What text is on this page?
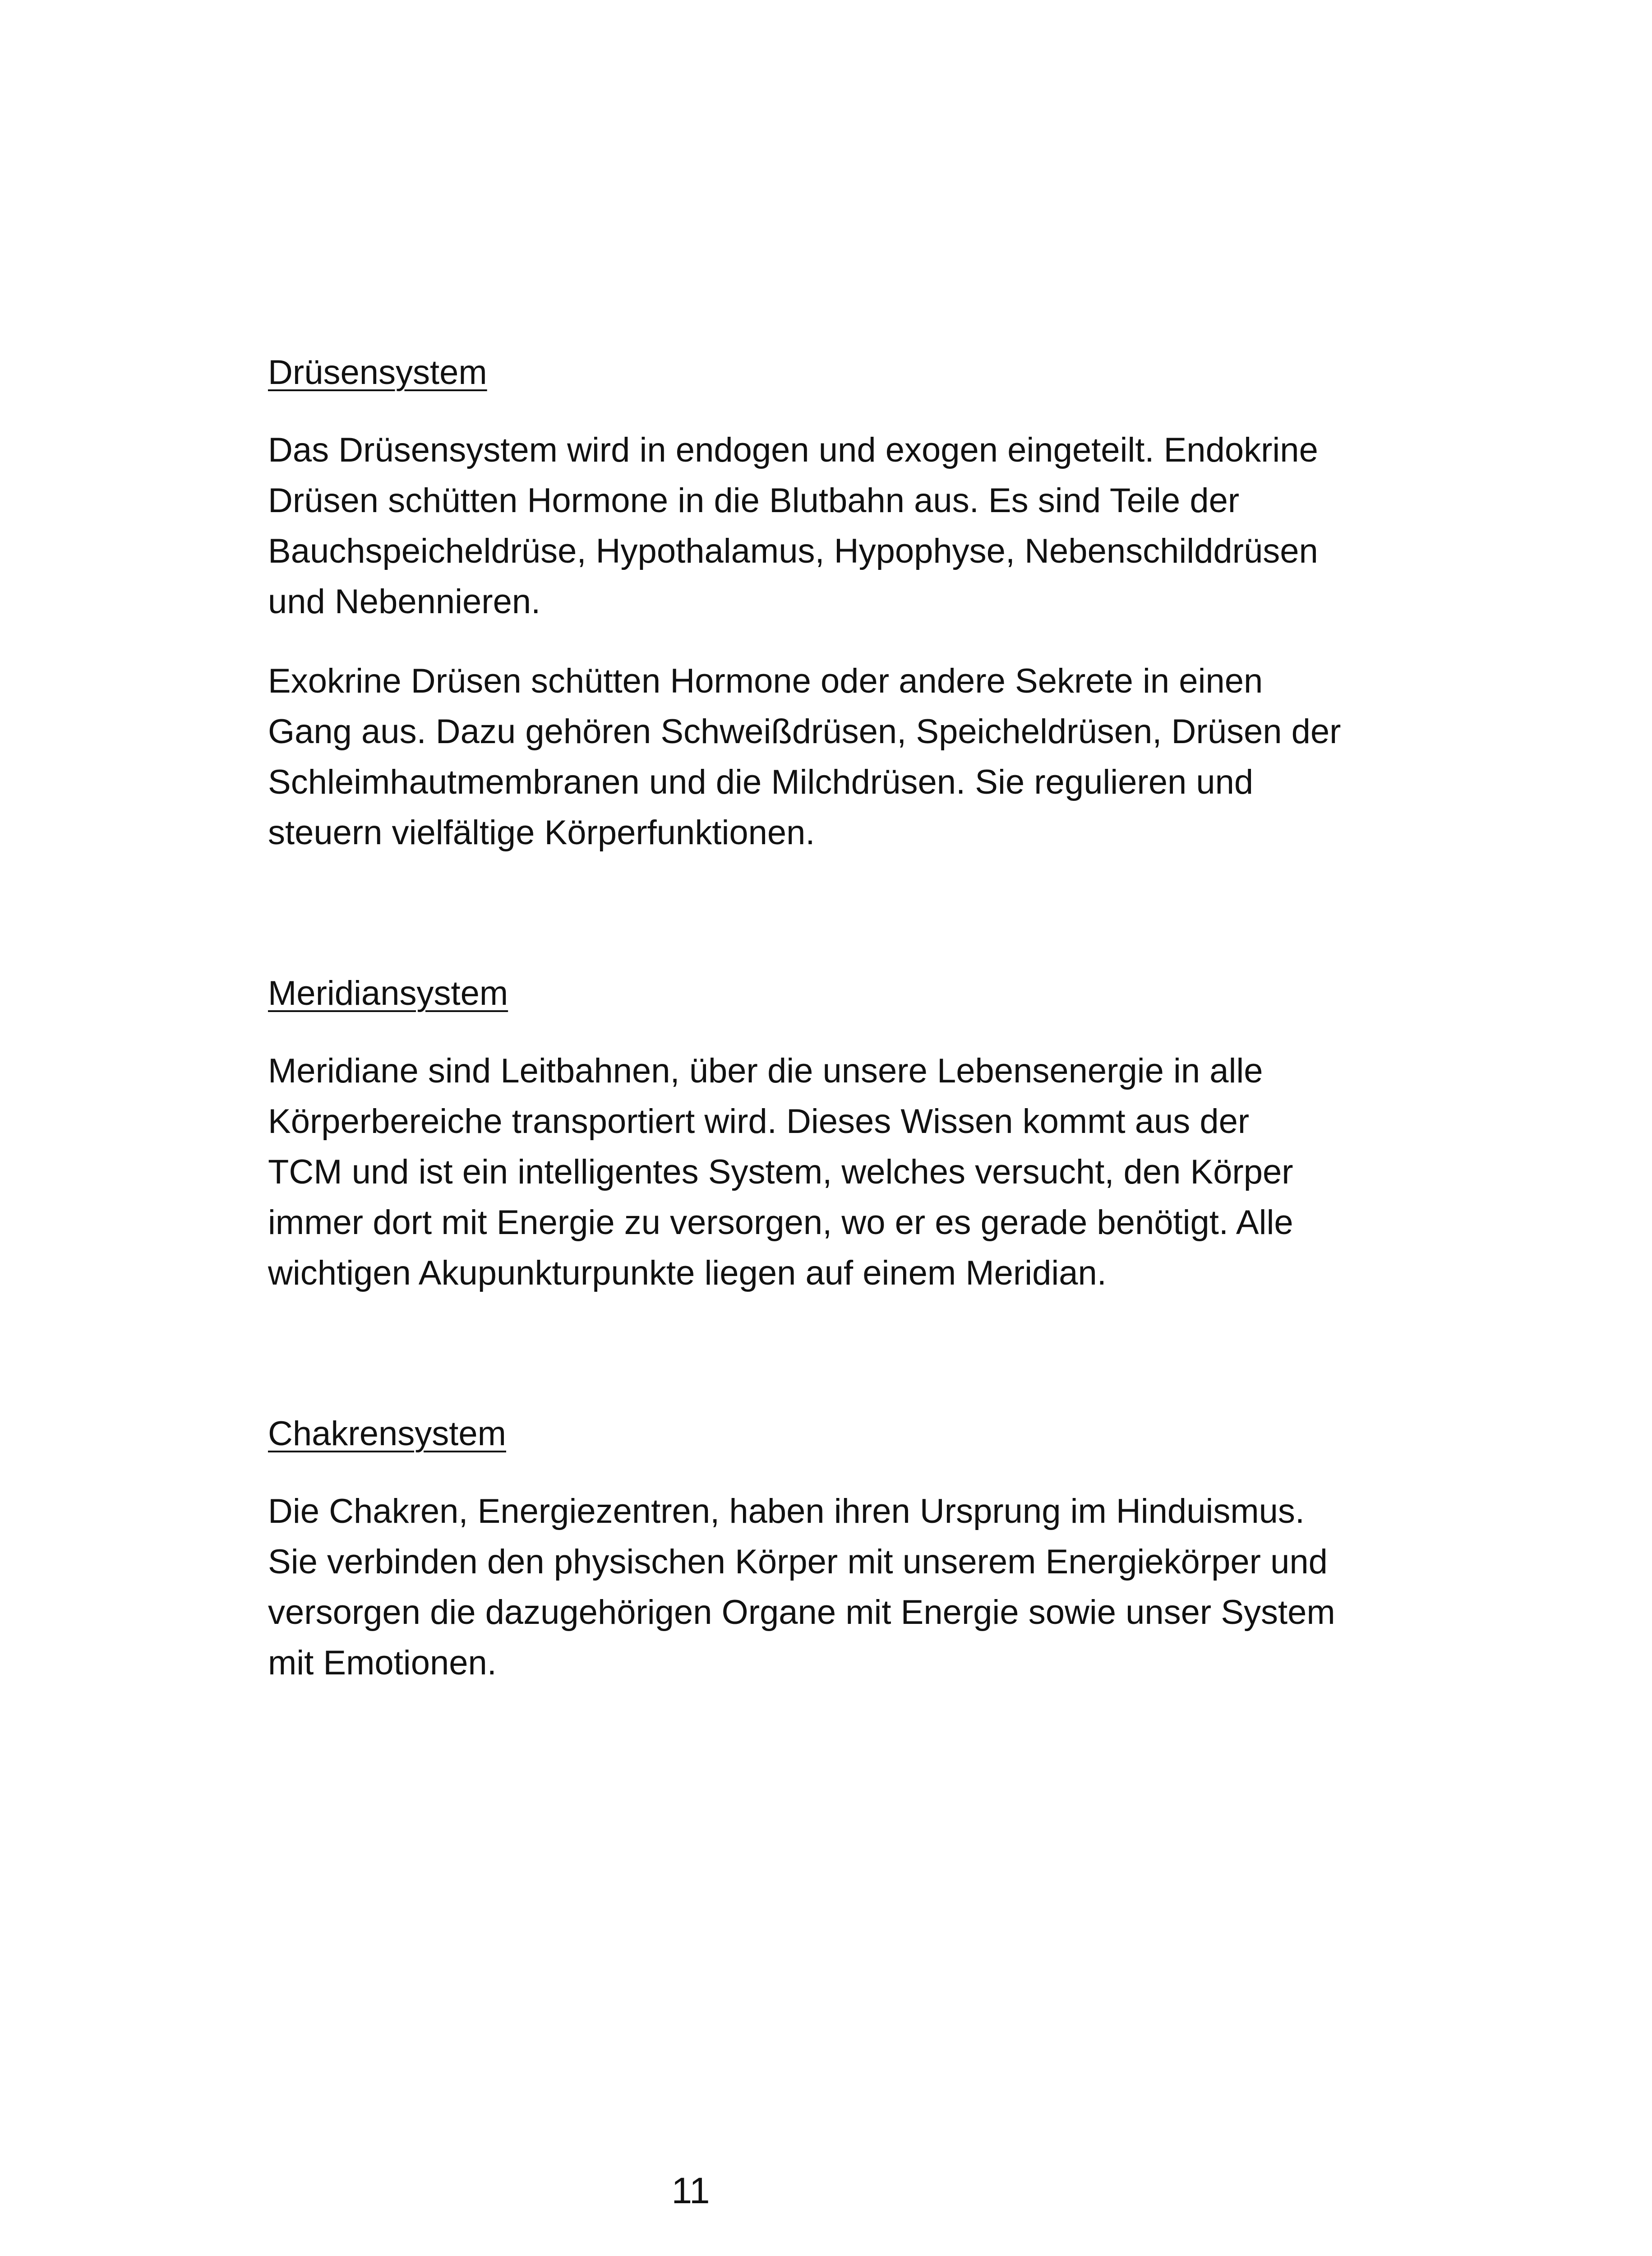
Drüsensystem

Das Drüsensystem wird in endogen und exogen eingeteilt. Endokrine
Drüsen schütten Hormone in die Blutbahn aus. Es sind Teile der
Bauchspeicheldrüse, Hypothalamus, Hypophyse, Nebenschilddrüsen
und Nebennieren.

Exokrine Drüsen schütten Hormone oder andere Sekrete in einen
Gang aus. Dazu gehören Schweißdrüsen, Speicheldrüsen, Drüsen der
Schleimhautmembranen und die Milchdrüsen. Sie regulieren und
steuern vielfältige Körperfunktionen.

Meridiansystem

Meridiane sind Leitbahnen, über die unsere Lebensenergie in alle
Körperbereiche transportiert wird. Dieses Wissen kommt aus der
TCM und ist ein intelligentes System, welches versucht, den Körper
immer dort mit Energie zu versorgen, wo er es gerade benötigt. Alle
wichtigen Akupunkturpunkte liegen auf einem Meridian.

Chakrensystem

Die Chakren, Energiezentren, haben ihren Ursprung im Hinduismus.
Sie verbinden den physischen Körper mit unserem Energiekörper und
versorgen die dazugehörigen Organe mit Energie sowie unser System
mit Emotionen.

11
